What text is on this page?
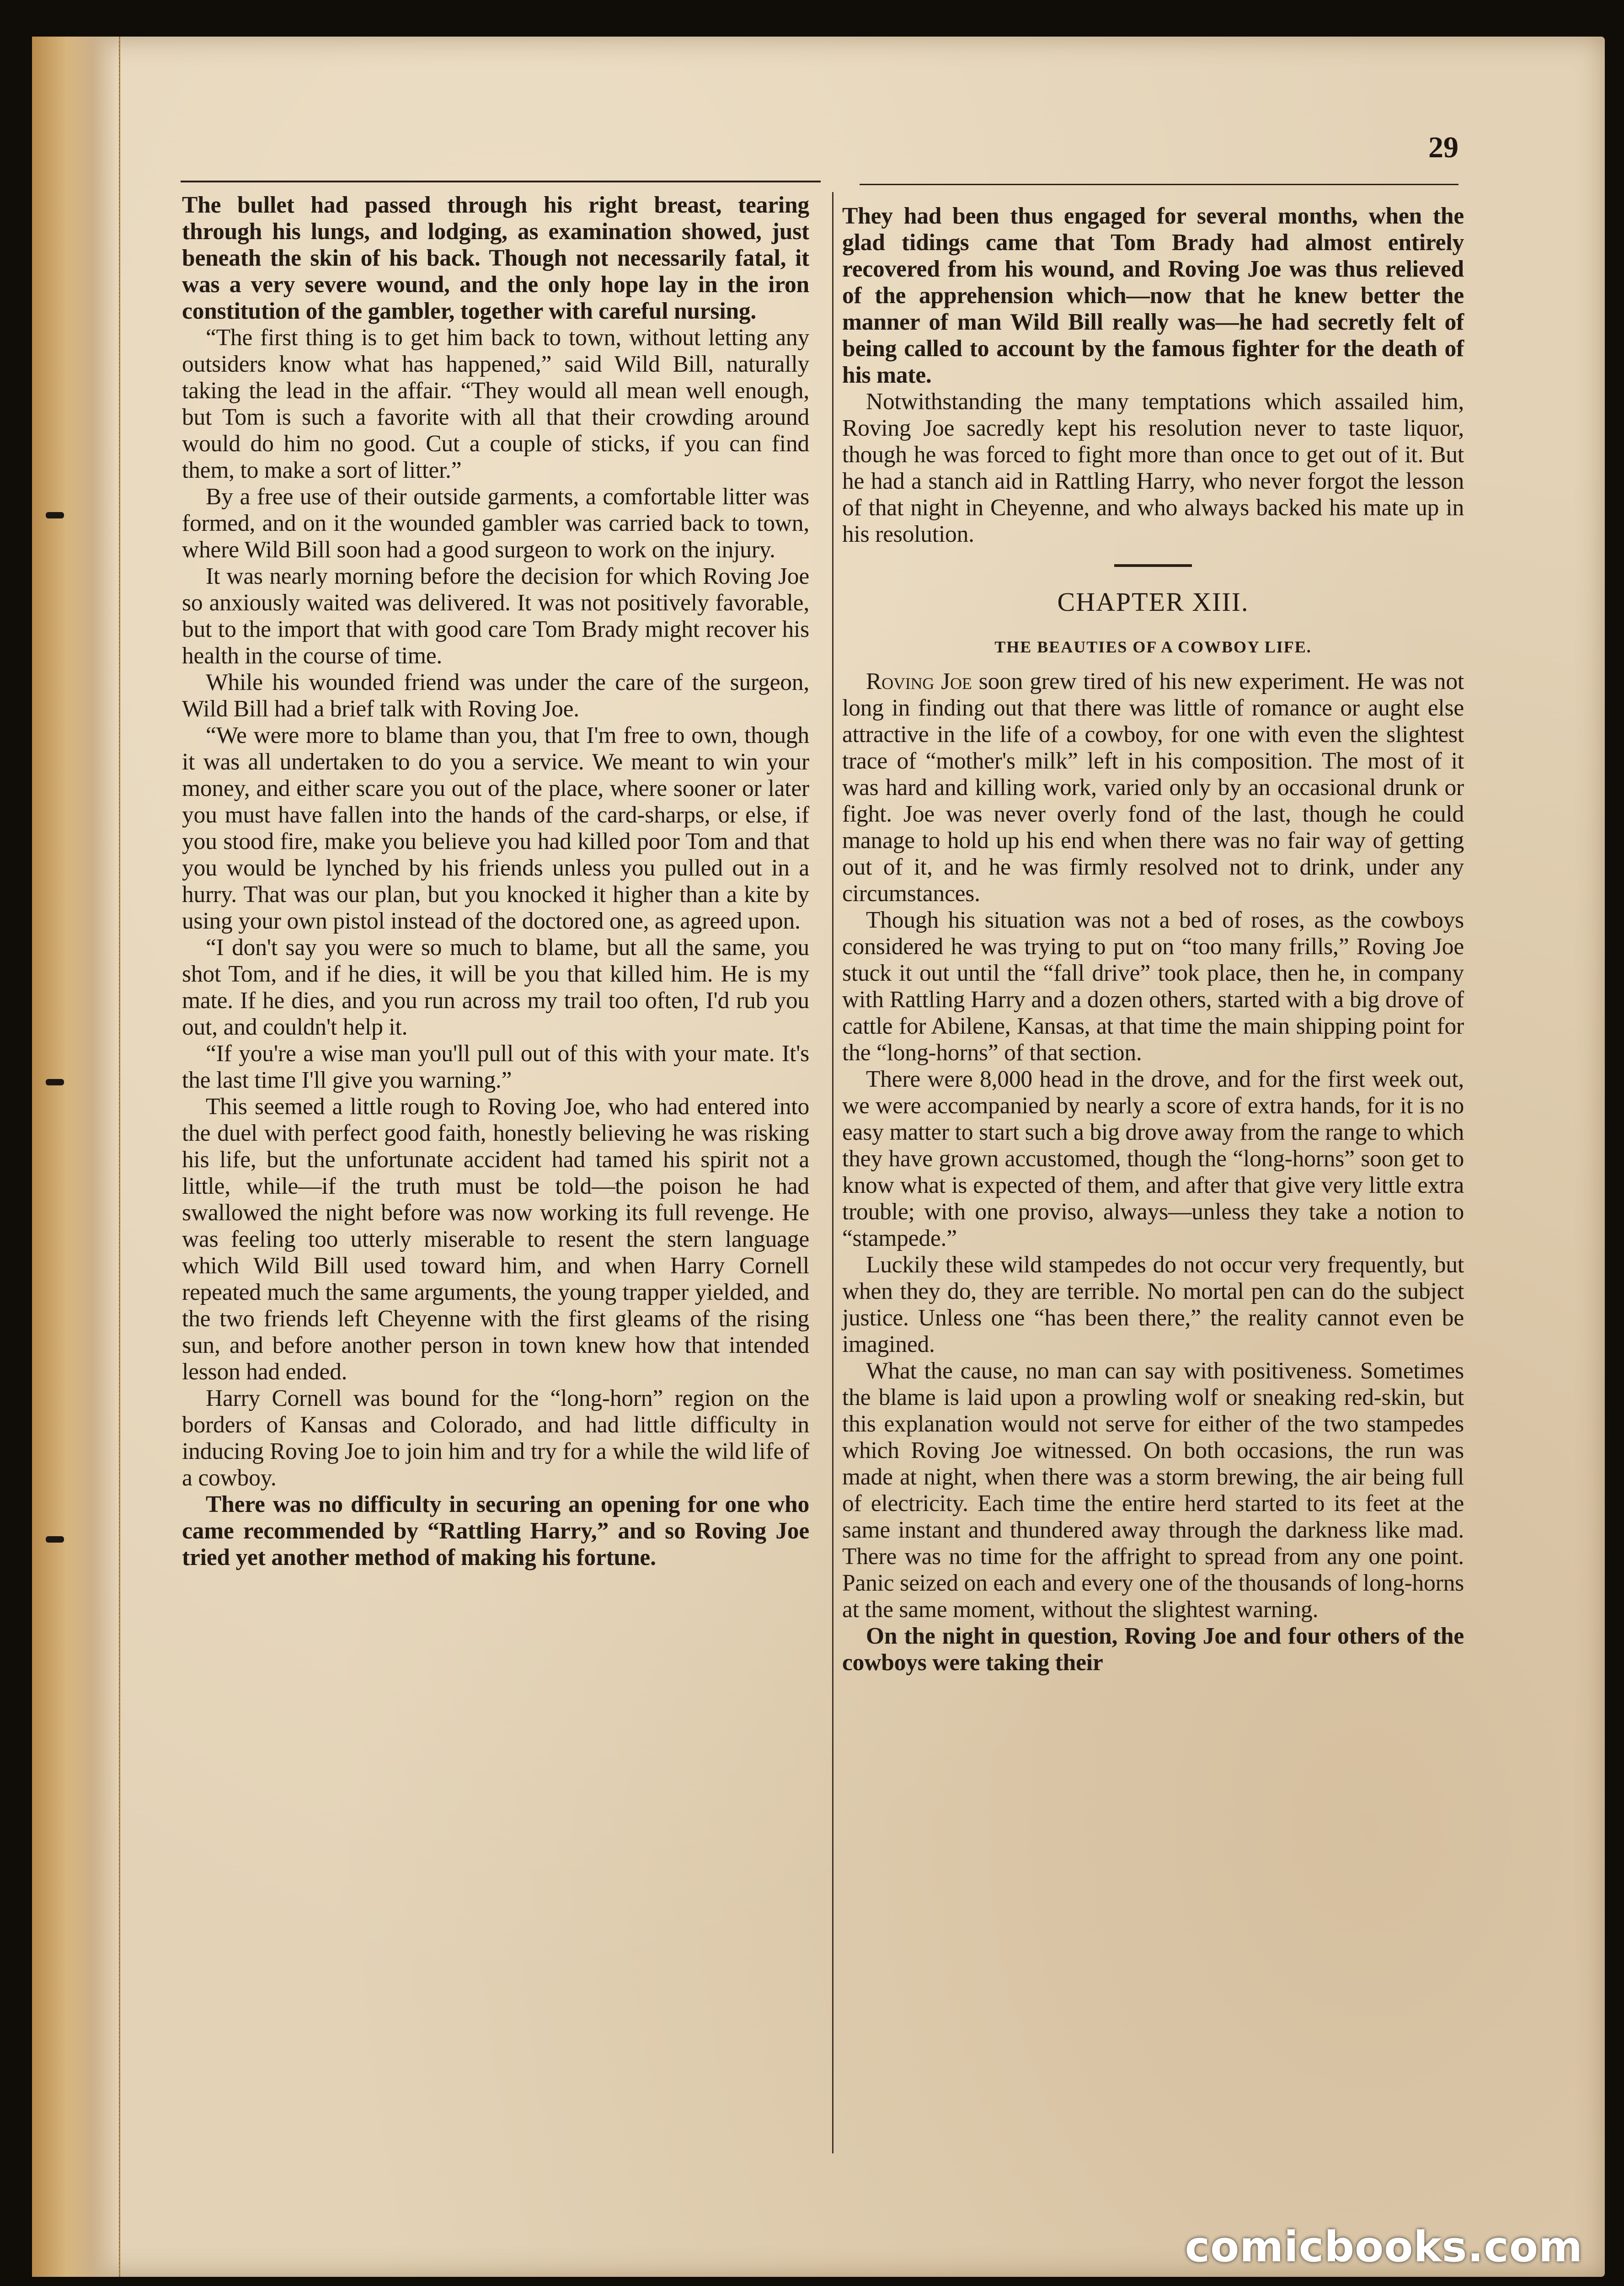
29

The bullet had passed through his right breast, tearing through his lungs, and lodging, as examination showed, just beneath the skin of his back. Though not necessarily fatal, it was a very severe wound, and the only hope lay in the iron constitution of the gambler, together with careful nursing.

“The first thing is to get him back to town, without letting any outsiders know what has happened,” said Wild Bill, naturally taking the lead in the affair. “They would all mean well enough, but Tom is such a favorite with all that their crowding around would do him no good. Cut a couple of sticks, if you can find them, to make a sort of litter.”

By a free use of their outside garments, a comfortable litter was formed, and on it the wounded gambler was carried back to town, where Wild Bill soon had a good surgeon to work on the injury.

It was nearly morning before the decision for which Roving Joe so anxiously waited was delivered. It was not positively favorable, but to the import that with good care Tom Brady might recover his health in the course of time.

While his wounded friend was under the care of the surgeon, Wild Bill had a brief talk with Roving Joe.

“We were more to blame than you, that I'm free to own, though it was all undertaken to do you a service. We meant to win your money, and either scare you out of the place, where sooner or later you must have fallen into the hands of the card-sharps, or else, if you stood fire, make you believe you had killed poor Tom and that you would be lynched by his friends unless you pulled out in a hurry. That was our plan, but you knocked it higher than a kite by using your own pistol instead of the doctored one, as agreed upon.

“I don't say you were so much to blame, but all the same, you shot Tom, and if he dies, it will be you that killed him. He is my mate. If he dies, and you run across my trail too often, I'd rub you out, and couldn't help it.

“If you're a wise man you'll pull out of this with your mate. It's the last time I'll give you warning.”

This seemed a little rough to Roving Joe, who had entered into the duel with perfect good faith, honestly believing he was risking his life, but the unfortunate accident had tamed his spirit not a little, while—if the truth must be told—the poison he had swallowed the night before was now working its full revenge. He was feeling too utterly miserable to resent the stern language which Wild Bill used toward him, and when Harry Cornell repeated much the same arguments, the young trapper yielded, and the two friends left Cheyenne with the first gleams of the rising sun, and before another person in town knew how that intended lesson had ended.

Harry Cornell was bound for the “long-horn” region on the borders of Kansas and Colorado, and had little difficulty in inducing Roving Joe to join him and try for a while the wild life of a cowboy.

There was no difficulty in securing an opening for one who came recommended by “Rattling Harry,” and so Roving Joe tried yet another method of making his fortune.

They had been thus engaged for several months, when the glad tidings came that Tom Brady had almost entirely recovered from his wound, and Roving Joe was thus relieved of the apprehension which—now that he knew better the manner of man Wild Bill really was—he had secretly felt of being called to account by the famous fighter for the death of his mate.

Notwithstanding the many temptations which assailed him, Roving Joe sacredly kept his resolution never to taste liquor, though he was forced to fight more than once to get out of it. But he had a stanch aid in Rattling Harry, who never forgot the lesson of that night in Cheyenne, and who always backed his mate up in his resolution.

CHAPTER XIII.
THE BEAUTIES OF A COWBOY LIFE.

Roving Joe soon grew tired of his new experiment. He was not long in finding out that there was little of romance or aught else attractive in the life of a cowboy, for one with even the slightest trace of “mother's milk” left in his composition. The most of it was hard and killing work, varied only by an occasional drunk or fight. Joe was never overly fond of the last, though he could manage to hold up his end when there was no fair way of getting out of it, and he was firmly resolved not to drink, under any circumstances.

Though his situation was not a bed of roses, as the cowboys considered he was trying to put on “too many frills,” Roving Joe stuck it out until the “fall drive” took place, then he, in company with Rattling Harry and a dozen others, started with a big drove of cattle for Abilene, Kansas, at that time the main shipping point for the “long-horns” of that section.

There were 8,000 head in the drove, and for the first week out, we were accompanied by nearly a score of extra hands, for it is no easy matter to start such a big drove away from the range to which they have grown accustomed, though the “long-horns” soon get to know what is expected of them, and after that give very little extra trouble; with one proviso, always—unless they take a notion to “stampede.”

Luckily these wild stampedes do not occur very frequently, but when they do, they are terrible. No mortal pen can do the subject justice. Unless one “has been there,” the reality cannot even be imagined.

What the cause, no man can say with positiveness. Sometimes the blame is laid upon a prowling wolf or sneaking red-skin, but this explanation would not serve for either of the two stampedes which Roving Joe witnessed. On both occasions, the run was made at night, when there was a storm brewing, the air being full of electricity. Each time the entire herd started to its feet at the same instant and thundered away through the darkness like mad. There was no time for the affright to spread from any one point. Panic seized on each and every one of the thousands of long-horns at the same moment, without the slightest warning.

On the night in question, Roving Joe and four others of the cowboys were taking their

comicbooks.com
